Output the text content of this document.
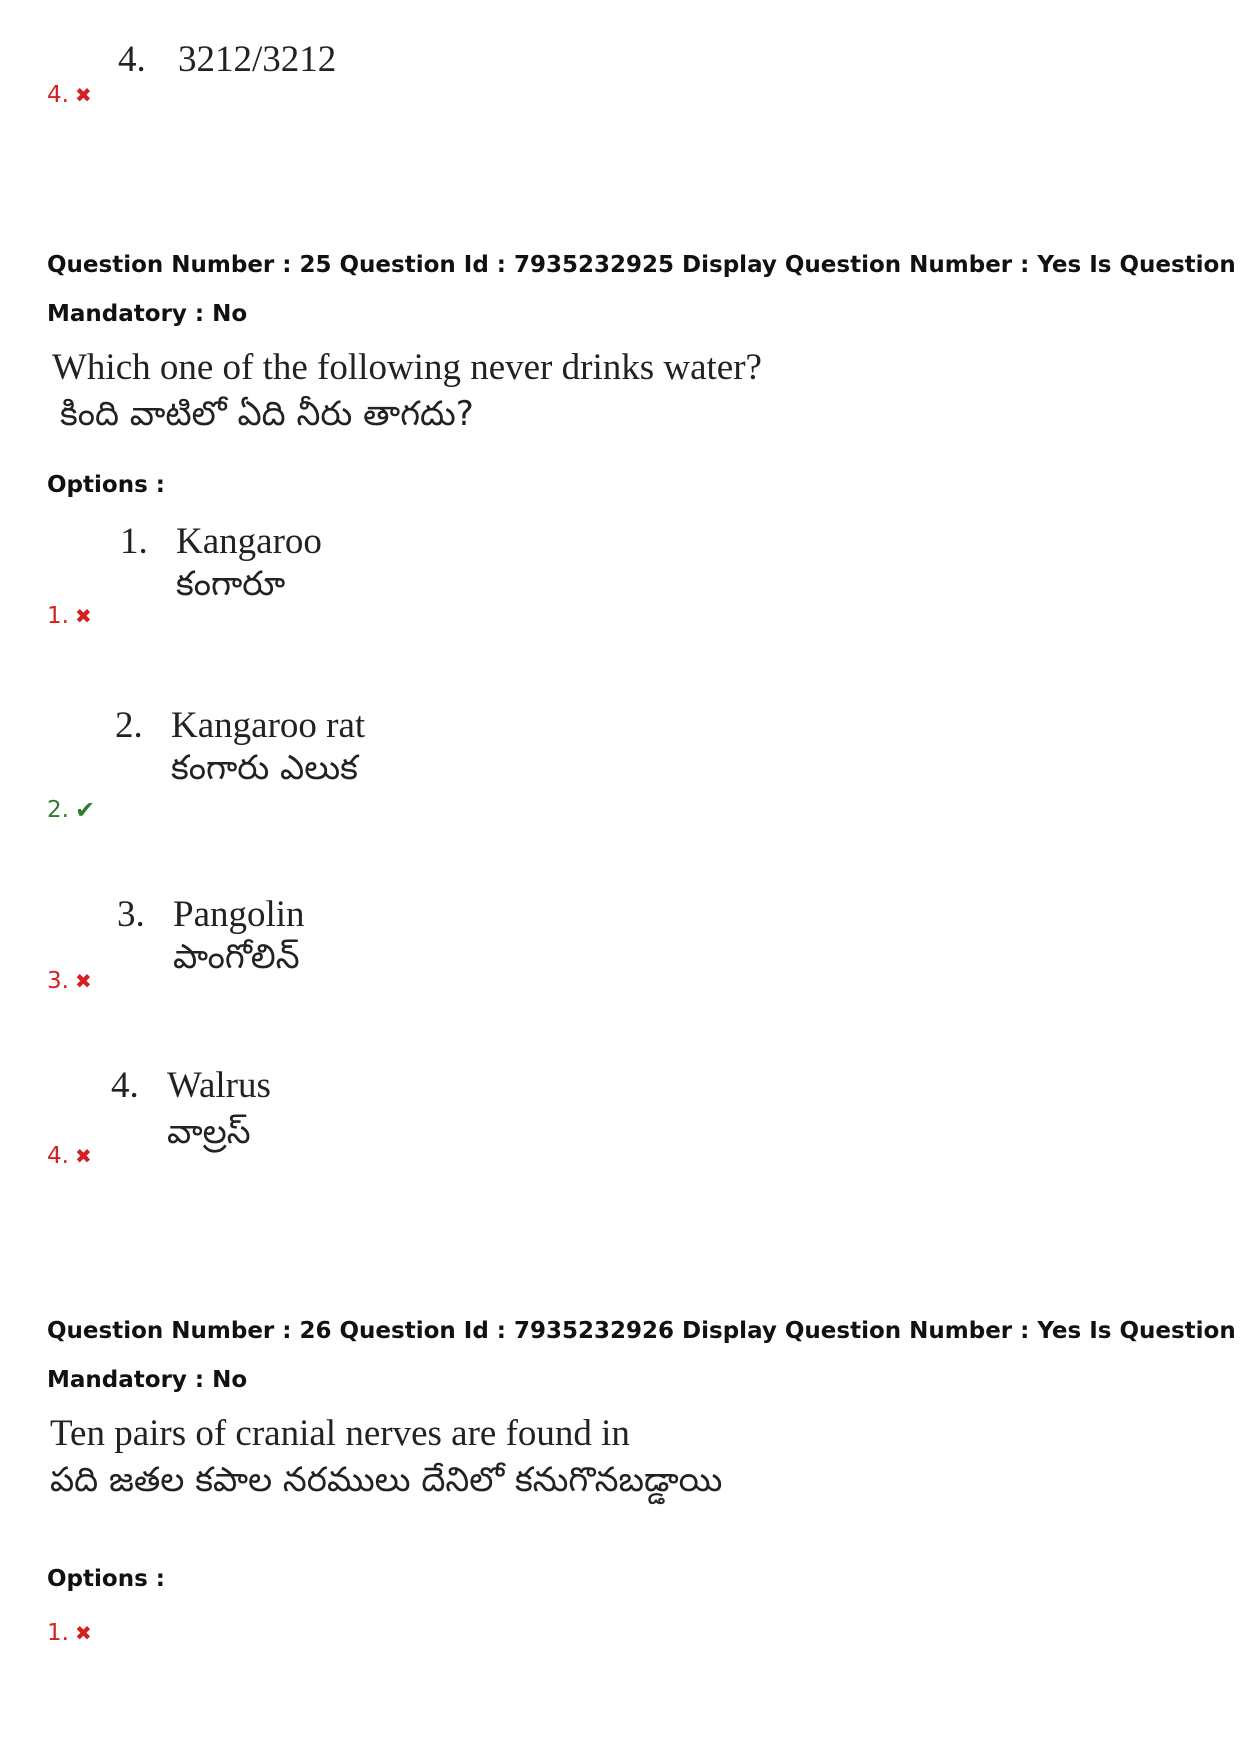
4. 3212/3212
4. ✖
Question Number : 25 Question Id : 7935232925 Display Question Number : Yes Is Question
Mandatory : No
Which one of the following never drinks water?
కింది వాటిలో ఏది నీరు తాగదు?
Options :
1. Kangaroo
కంగారూ
1. ✖
2. Kangaroo rat
కంగారు ఎలుక
2. ✔
3. Pangolin
పాంగోలిన్
3. ✖
4. Walrus
వాల్రస్
4. ✖
Question Number : 26 Question Id : 7935232926 Display Question Number : Yes Is Question
Mandatory : No
Ten pairs of cranial nerves are found in
పది జతల కపాల నరములు దేనిలో కనుగొనబడ్డాయి
Options :
1. ✖
